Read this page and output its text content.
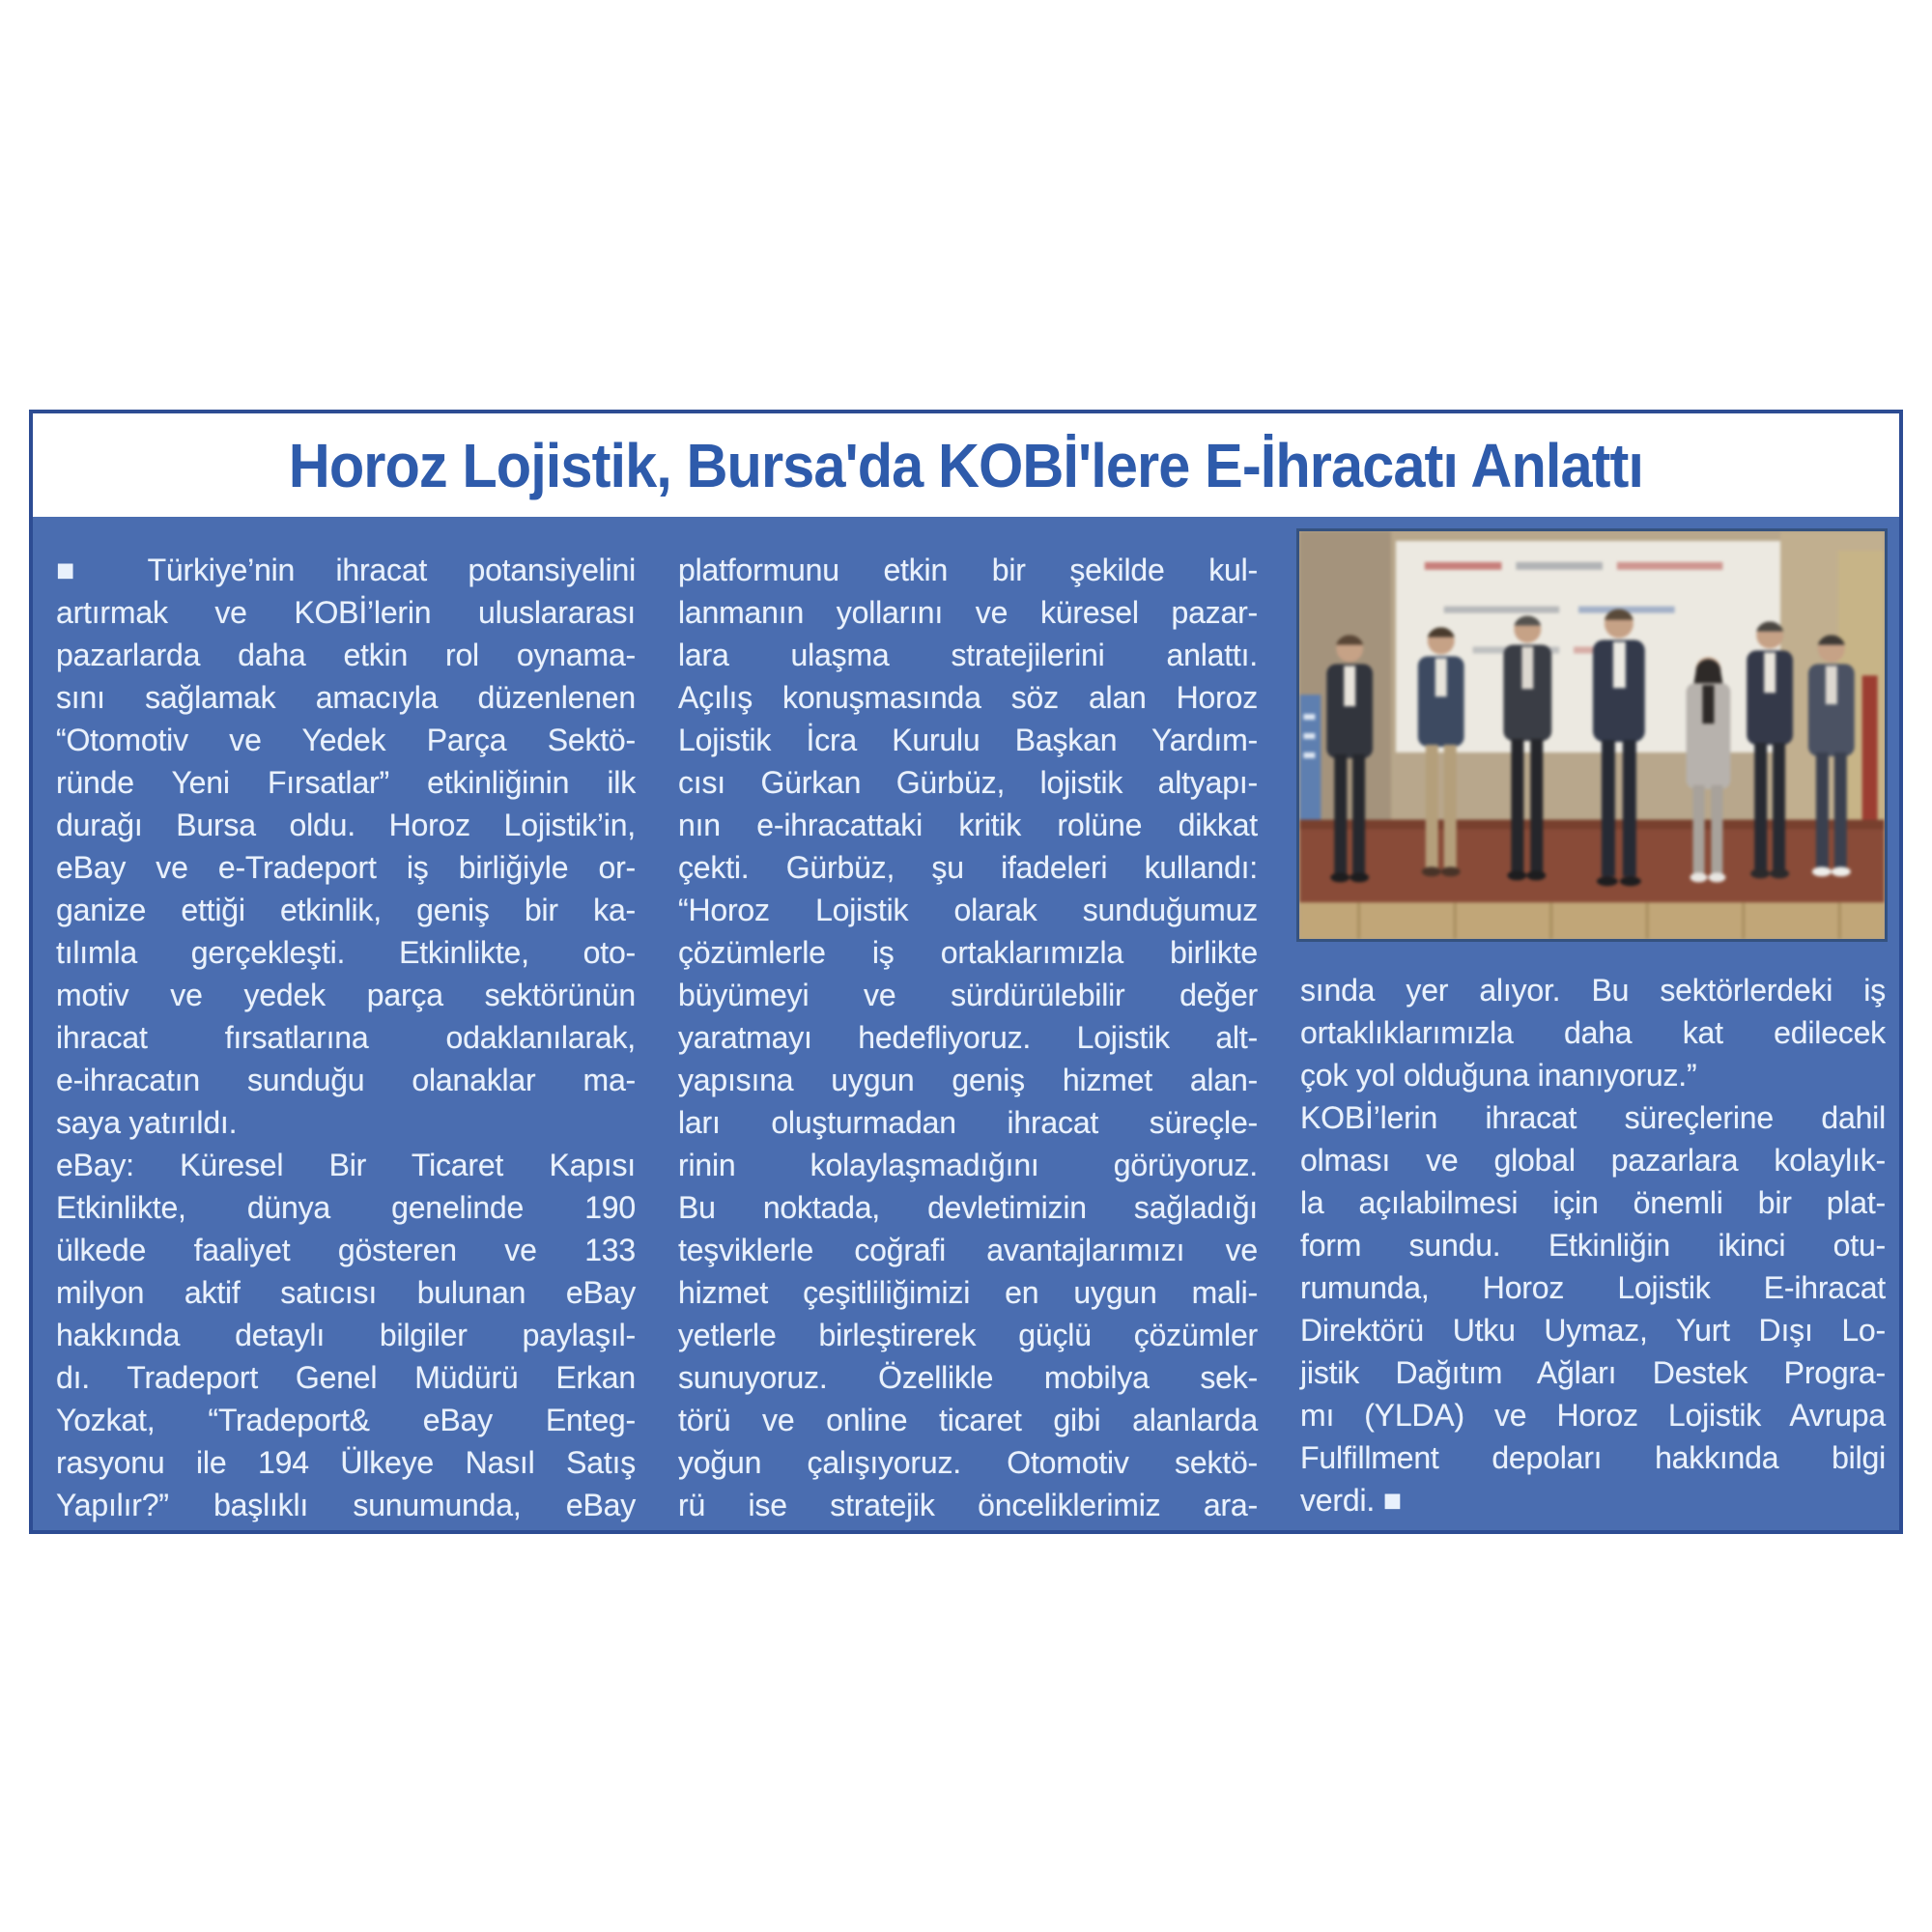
Horoz Lojistik, Bursa'da KOBİ'lere E-İhracatı Anlattı
■ Türkiye’nin ihracat potansiyelini
artırmak ve KOBİ’lerin uluslararası
pazarlarda daha etkin rol oynama-
sını sağlamak amacıyla düzenlenen
“Otomotiv ve Yedek Parça Sektö-
ründe Yeni Fırsatlar” etkinliğinin ilk
durağı Bursa oldu. Horoz Lojistik’in,
eBay ve e-Tradeport iş birliğiyle or-
ganize ettiği etkinlik, geniş bir ka-
tılımla gerçekleşti. Etkinlikte, oto-
motiv ve yedek parça sektörünün
ihracat fırsatlarına odaklanılarak,
e-ihracatın sunduğu olanaklar ma-
saya yatırıldı.
eBay: Küresel Bir Ticaret Kapısı
Etkinlikte, dünya genelinde 190
ülkede faaliyet gösteren ve 133
milyon aktif satıcısı bulunan eBay
hakkında detaylı bilgiler paylaşıl-
dı. Tradeport Genel Müdürü Erkan
Yozkat, “Tradeport& eBay Enteg-
rasyonu ile 194 Ülkeye Nasıl Satış
Yapılır?” başlıklı sunumunda, eBay
platformunu etkin bir şekilde kul-
lanmanın yollarını ve küresel pazar-
lara ulaşma stratejilerini anlattı.
Açılış konuşmasında söz alan Horoz
Lojistik İcra Kurulu Başkan Yardım-
cısı Gürkan Gürbüz, lojistik altyapı-
nın e-ihracattaki kritik rolüne dikkat
çekti. Gürbüz, şu ifadeleri kullandı:
“Horoz Lojistik olarak sunduğumuz
çözümlerle iş ortaklarımızla birlikte
büyümeyi ve sürdürülebilir değer
yaratmayı hedefliyoruz. Lojistik alt-
yapısına uygun geniş hizmet alan-
ları oluşturmadan ihracat süreçle-
rinin kolaylaşmadığını görüyoruz.
Bu noktada, devletimizin sağladığı
teşviklerle coğrafi avantajlarımızı ve
hizmet çeşitliliğimizi en uygun mali-
yetlerle birleştirerek güçlü çözümler
sunuyoruz. Özellikle mobilya sek-
törü ve online ticaret gibi alanlarda
yoğun çalışıyoruz. Otomotiv sektö-
rü ise stratejik önceliklerimiz ara-
sında yer alıyor. Bu sektörlerdeki iş
ortaklıklarımızla daha kat edilecek
çok yol olduğuna inanıyoruz.”
KOBİ’lerin ihracat süreçlerine dahil
olması ve global pazarlara kolaylık-
la açılabilmesi için önemli bir plat-
form sundu. Etkinliğin ikinci otu-
rumunda, Horoz Lojistik E-ihracat
Direktörü Utku Uymaz, Yurt Dışı Lo-
jistik Dağıtım Ağları Destek Progra-
mı (YLDA) ve Horoz Lojistik Avrupa
Fulfillment depoları hakkında bilgi
verdi. ■
